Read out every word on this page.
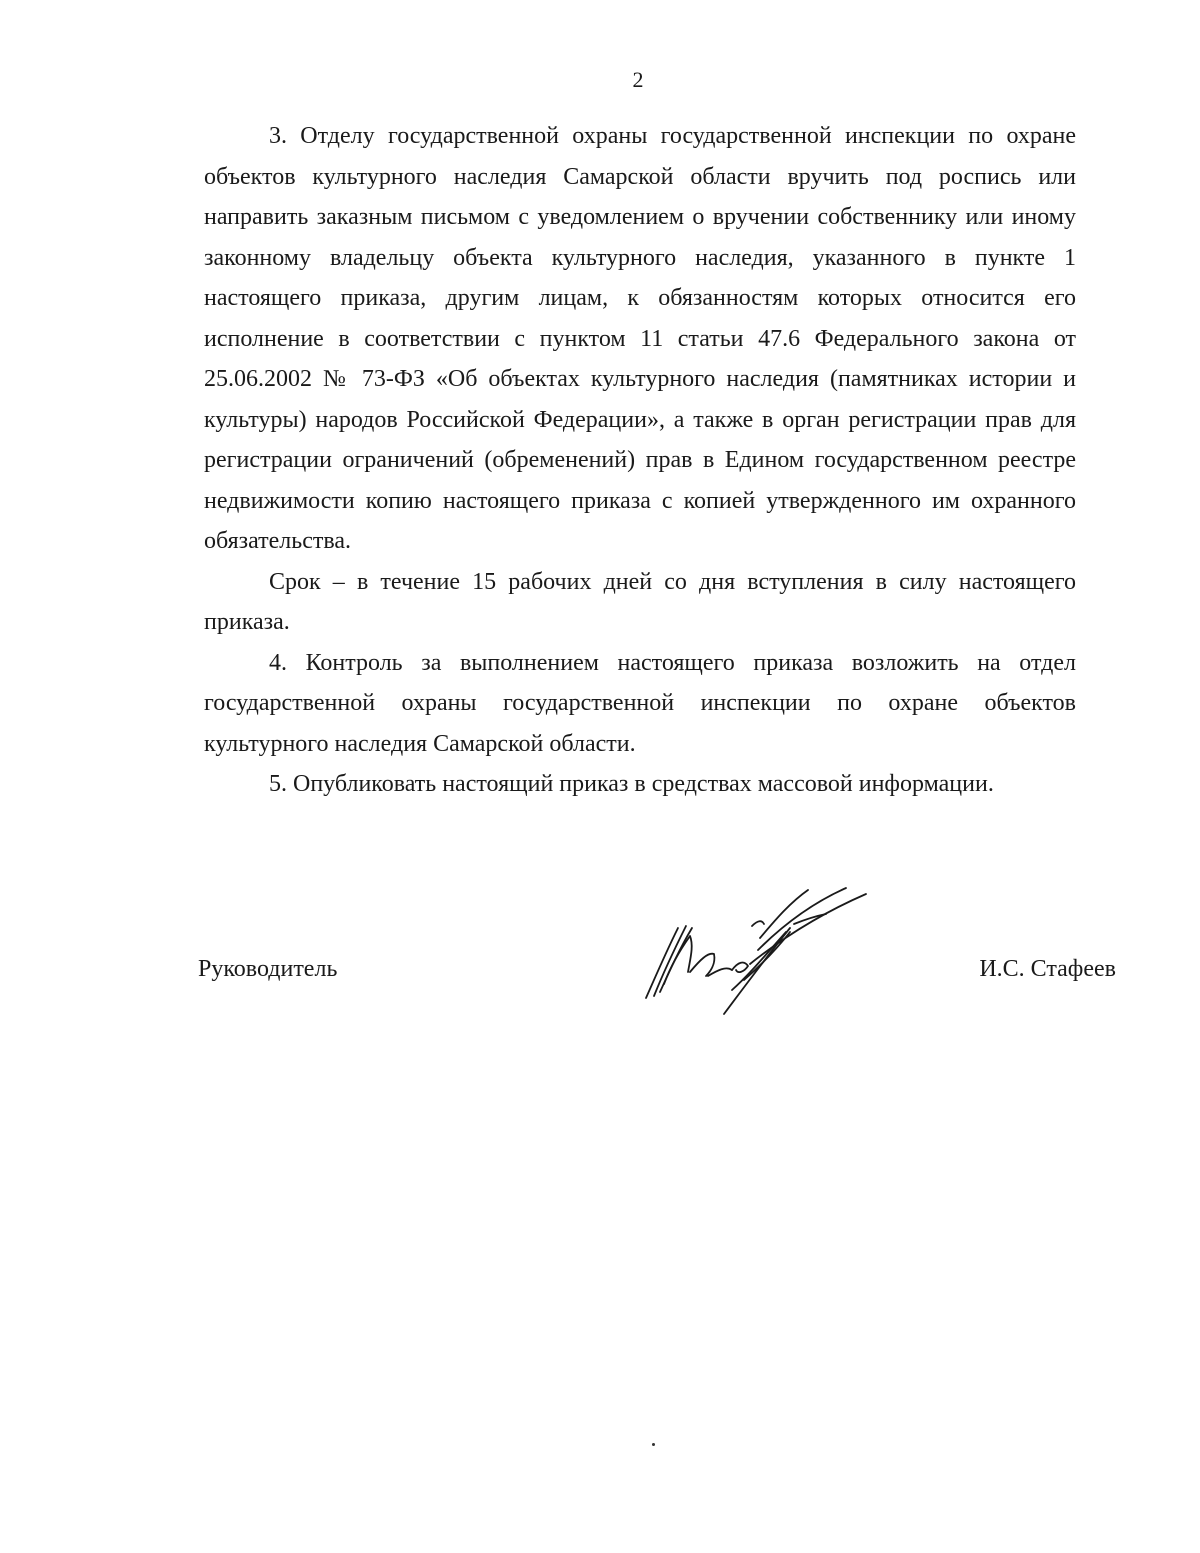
2

3. Отделу государственной охраны государственной инспекции по охране объектов культурного наследия Самарской области вручить под роспись или направить заказным письмом с уведомлением о вручении собственнику или иному законному владельцу объекта культурного наследия, указанного в пункте 1 настоящего приказа, другим лицам, к обязанностям которых относится его исполнение в соответствии с пунктом 11 статьи 47.6 Федерального закона от 25.06.2002 № 73-ФЗ «Об объектах культурного наследия (памятниках истории и культуры) народов Российской Федерации», а также в орган регистрации прав для регистрации ограничений (обременений) прав в Едином государственном реестре недвижимости копию настоящего приказа с копией утвержденного им охранного обязательства.

Срок – в течение 15 рабочих дней со дня вступления в силу настоящего приказа.

4. Контроль за выполнением настоящего приказа возложить на отдел государственной охраны государственной инспекции по охране объектов культурного наследия Самарской области.

5. Опубликовать настоящий приказ в средствах массовой информации.

Руководитель	И.С. Стафеев
